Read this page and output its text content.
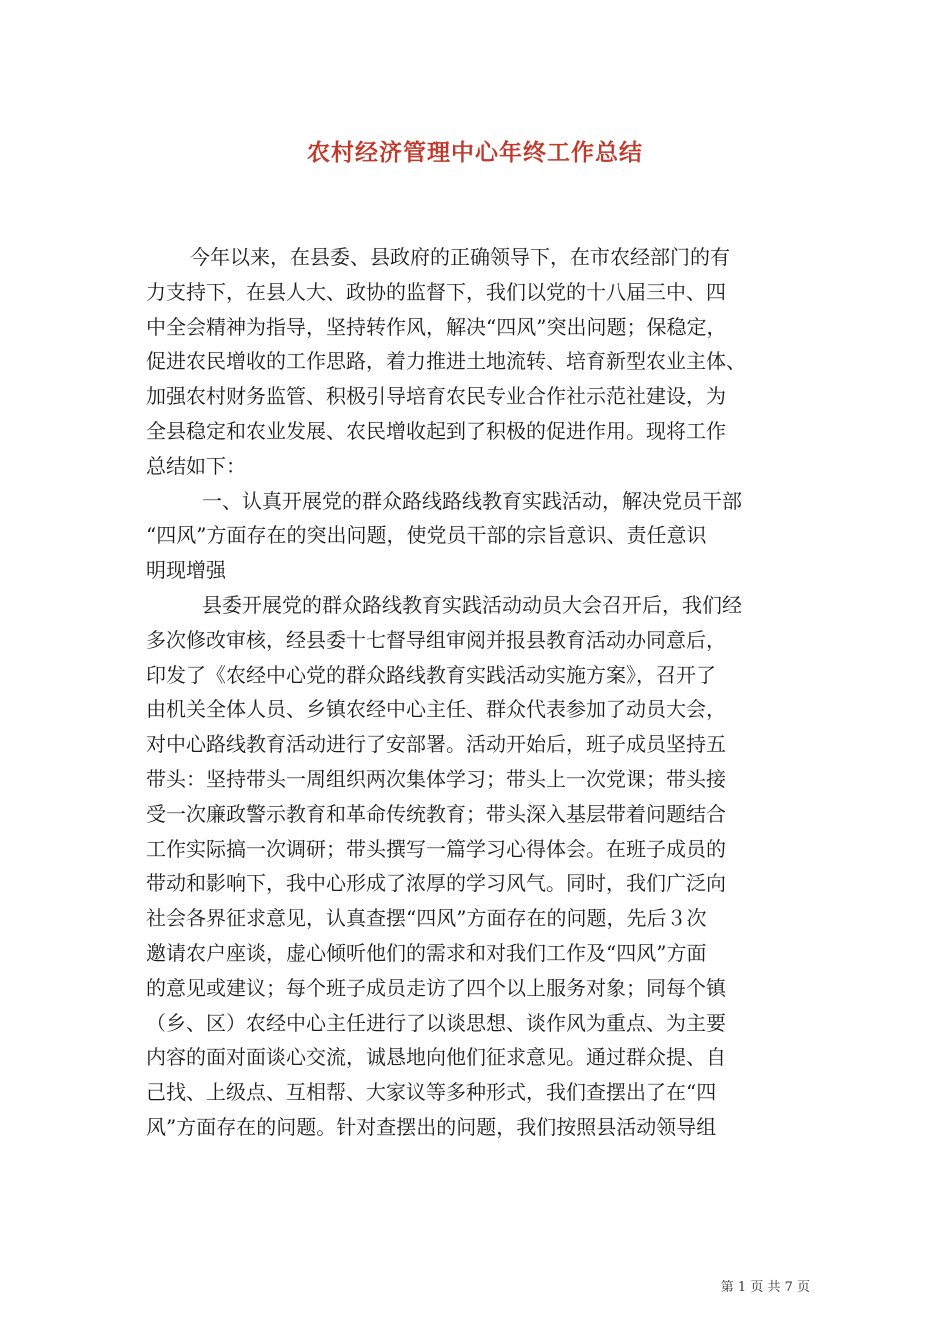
农村经济管理中心年终工作总结
今年以来，在县委、县政府的正确领导下，在市农经部门的有
力支持下，在县人大、政协的监督下，我们以党的十八届三中、四
中全会精神为指导，坚持转作风，解决“四风”突出问题；保稳定，
促进农民增收的工作思路，着力推进土地流转、培育新型农业主体、
加强农村财务监管、积极引导培育农民专业合作社示范社建设，为
全县稳定和农业发展、农民增收起到了积极的促进作用。现将工作
总结如下：
一、认真开展党的群众路线路线教育实践活动，解决党员干部
“四风”方面存在的突出问题，使党员干部的宗旨意识、责任意识
明现增强
县委开展党的群众路线教育实践活动动员大会召开后，我们经
多次修改审核，经县委十七督导组审阅并报县教育活动办同意后，
印发了《农经中心党的群众路线教育实践活动实施方案》，召开了
由机关全体人员、乡镇农经中心主任、群众代表参加了动员大会，
对中心路线教育活动进行了安部署。活动开始后，班子成员坚持五
带头：坚持带头一周组织两次集体学习；带头上一次党课；带头接
受一次廉政警示教育和革命传统教育；带头深入基层带着问题结合
工作实际搞一次调研；带头撰写一篇学习心得体会。在班子成员的
带动和影响下，我中心形成了浓厚的学习风气。同时，我们广泛向
社会各界征求意见，认真查摆“四风”方面存在的问题，先后３次
邀请农户座谈，虚心倾听他们的需求和对我们工作及“四风”方面
的意见或建议；每个班子成员走访了四个以上服务对象；同每个镇
（乡、区）农经中心主任进行了以谈思想、谈作风为重点、为主要
内容的面对面谈心交流，诚恳地向他们征求意见。通过群众提、自
己找、上级点、互相帮、大家议等多种形式，我们查摆出了在“四
风”方面存在的问题。针对查摆出的问题，我们按照县活动领导组
第 1 页 共 7 页
